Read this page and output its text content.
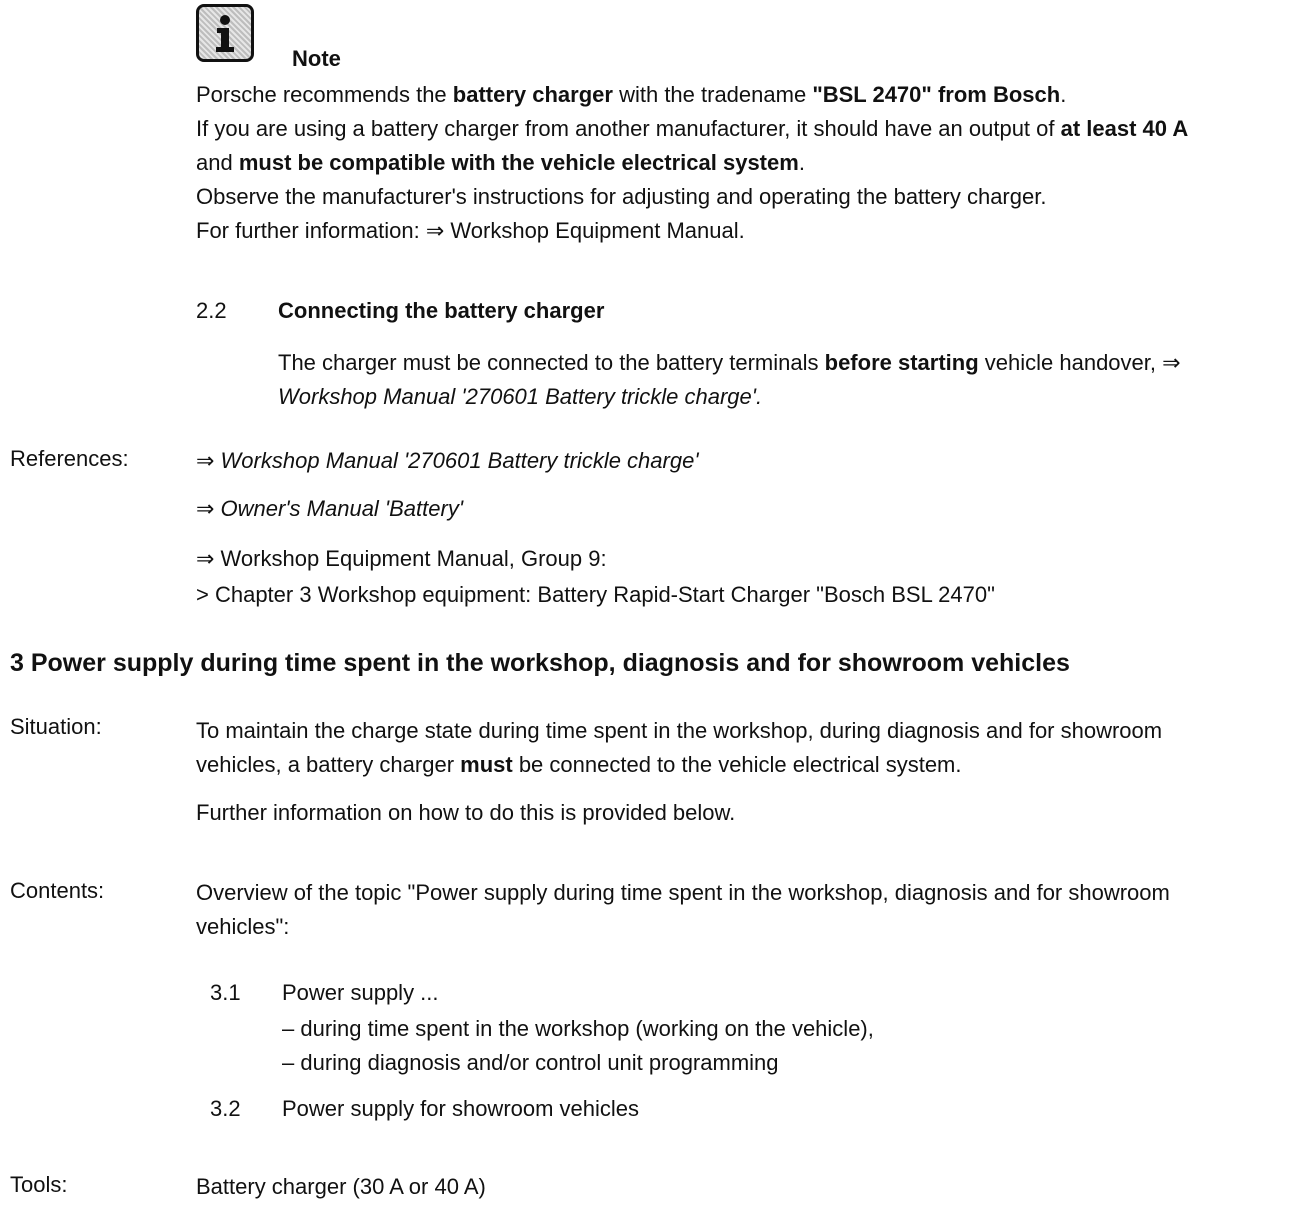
Note
Porsche recommends the battery charger with the tradename "BSL 2470" from Bosch.
If you are using a battery charger from another manufacturer, it should have an output of at least 40 A
and must be compatible with the vehicle electrical system.
Observe the manufacturer's instructions for adjusting and operating the battery charger.
For further information: ⇒ Workshop Equipment Manual.
2.2 Connecting the battery charger
The charger must be connected to the battery terminals before starting vehicle handover, ⇒
Workshop Manual '270601 Battery trickle charge'.
References:	⇒ Workshop Manual '270601 Battery trickle charge'
⇒ Owner's Manual 'Battery'
⇒ Workshop Equipment Manual, Group 9:
> Chapter 3 Workshop equipment: Battery Rapid-Start Charger "Bosch BSL 2470"
3 Power supply during time spent in the workshop, diagnosis and for showroom vehicles
Situation:	To maintain the charge state during time spent in the workshop, during diagnosis and for showroom
vehicles, a battery charger must be connected to the vehicle electrical system.
Further information on how to do this is provided below.
Contents:	Overview of the topic "Power supply during time spent in the workshop, diagnosis and for showroom
vehicles":
3.1 Power supply ...
– during time spent in the workshop (working on the vehicle),
– during diagnosis and/or control unit programming
3.2 Power supply for showroom vehicles
Tools:	Battery charger (30 A or 40 A)
